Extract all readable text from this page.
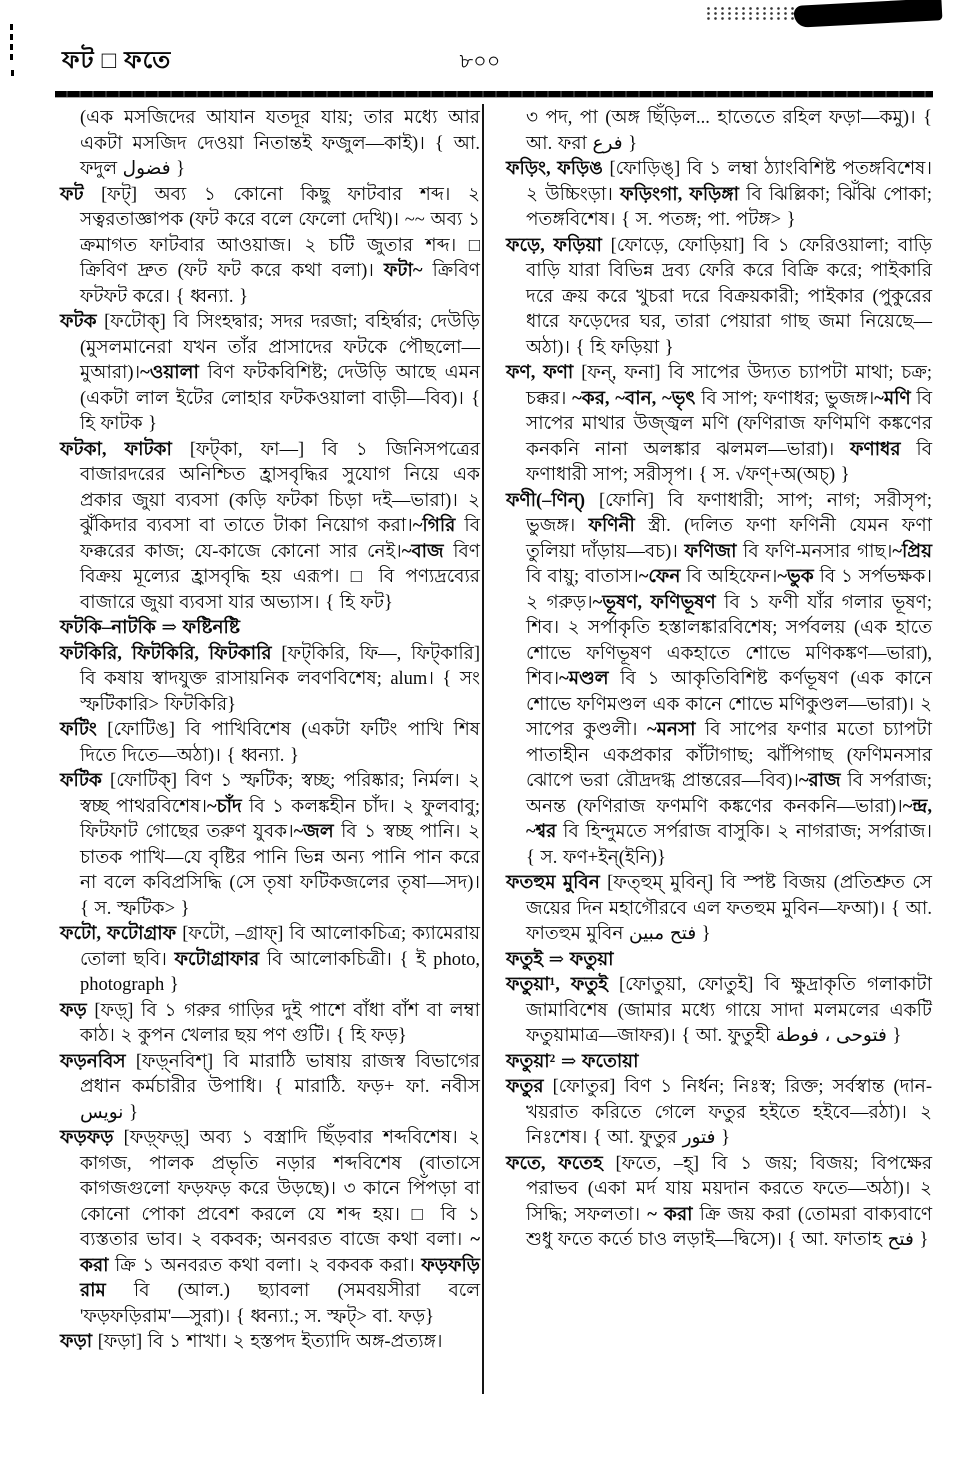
ফট □ ফতে	৮০০

(এক মসজিদের আযান যতদূর যায়; তার মধ্যে আর একটা মসজিদ দেওয়া নিতান্তই ফজুল—কাই)। { আ. ফদুল فضول }

ফট [ফট্] অব্য ১ কোনো কিছু ফাটবার শব্দ। ২ সত্বরতাজ্ঞাপক (ফট করে বলে ফেলো দেখি)। ~~ অব্য ১ ক্রমাগত ফাটবার আওয়াজ। ২ চটি জুতার শব্দ। □ ক্রিবিণ দ্রুত (ফট ফট করে কথা বলা)। ফটা~ ক্রিবিণ ফটফট করে। { ধ্বন্যা. }

ফটক [ফটোক্] বি সিংহদ্বার; সদর দরজা; বহির্দ্বার; দেউড়ি (মুসলমানেরা যখন তাঁর প্রাসাদের ফটকে পৌছলো—মুআরা)।~ওয়ালা বিণ ফটকবিশিষ্ট; দেউড়ি আছে এমন (একটা লাল ইটের লোহার ফটকওয়ালা বাড়ী—বিব)। { হি ফাটক }

ফটকা, ফাটকা [ফট্‌কা, ফা—] বি ১ জিনিসপত্রের বাজারদরের অনিশ্চিত হ্রাসবৃদ্ধির সুযোগ নিয়ে এক প্রকার জুয়া ব্যবসা (কড়ি ফটকা চিড়া দই—ভারা)। ২ ঝুঁকিদার ব্যবসা বা তাতে টাকা নিয়োগ করা।~গিরি বি ফক্করের কাজ; যে-কাজে কোনো সার নেই।~বাজ বিণ বিক্রয় মূল্যের হ্রাসবৃদ্ধি হয় এরূপ। □ বি পণ্যদ্রব্যের বাজারে জুয়া ব্যবসা যার অভ্যাস। { হি ফট}

ফটকি–নাটকি ⇒ ফষ্টিনষ্টি

ফটকিরি, ফিটকিরি, ফিটকারি [ফট্‌কিরি, ফি—, ফিট্‌কারি] বি কষায় স্বাদযুক্ত রাসায়নিক লবণবিশেষ; alum। { সং স্ফটিকারি> ফিটকিরি}

ফটিং [ফোটিঙ] বি পাখিবিশেষ (একটা ফটিং পাখি শিষ দিতে দিতে—অঠা)। { ধ্বন্যা. }

ফটিক [ফোটিক্] বিণ ১ স্ফটিক; স্বচ্ছ; পরিষ্কার; নির্মল। ২ স্বচ্ছ পাথরবিশেষ।~চাঁদ বি ১ কলঙ্কহীন চাঁদ। ২ ফুলবাবু; ফিটফাট গোছের তরুণ যুবক।~জল বি ১ স্বচ্ছ পানি। ২ চাতক পাখি—যে বৃষ্টির পানি ভিন্ন অন্য পানি পান করে না বলে কবিপ্রসিদ্ধি (সে তৃষা ফটিকজলের তৃষা—সদ)। { স. স্ফটিক> }

ফটো, ফটোগ্রাফ [ফটো, –গ্রাফ্] বি আলোকচিত্র; ক্যামেরায় তোলা ছবি। ফটোগ্রাফার বি আলোকচিত্রী। { ই photo, photograph }

ফড় [ফড়্] বি ১ গরুর গাড়ির দুই পাশে বাঁধা বাঁশ বা লম্বা কাঠ। ২ কুপন খেলার ছয় পণ গুটি। { হি ফড়}

ফড়নবিস [ফড়্‌নবিশ্] বি মারাঠি ভাষায় রাজস্ব বিভাগের প্রধান কর্মচারীর উপাধি। { মারাঠি. ফড়+ ফা. নবীস نويس }

ফড়ফড় [ফড়্‌ফড়্] অব্য ১ বস্ত্রাদি ছিঁড়বার শব্দবিশেষ। ২ কাগজ, পালক প্রভৃতি নড়ার শব্দবিশেষ (বাতাসে কাগজগুলো ফড়ফড় করে উড়ছে)। ৩ কানে পিঁপড়া বা কোনো পোকা প্রবেশ করলে যে শব্দ হয়। □ বি ১ ব্যস্ততার ভাব। ২ বকবক; অনবরত বাজে কথা বলা। ~ করা ক্রি ১ অনবরত কথা বলা। ২ বকবক করা। ফড়ফড়ি রাম বি (আল.) ছ্যাবলা (সমবয়সীরা বলে 'ফড়ফড়িরাম'—সুরা)। { ধ্বন্যা.; স. স্ফট্> বা. ফড়}

ফড়া [ফড়া] বি ১ শাখা। ২ হস্তপদ ইত্যাদি অঙ্গ-প্রত্যঙ্গ।

৩ পদ, পা (অঙ্গ ছিঁড়িল... হাতেতে রহিল ফড়া—কমু)। { আ. ফরা فرع }

ফড়িং, ফড়িঙ [ফোড়িঙ্] বি ১ লম্বা ঠ্যাংবিশিষ্ট পতঙ্গবিশেষ। ২ উচ্চিংড়া। ফড়িংগা, ফড়িঙ্গা বি ঝিল্লিকা; ঝিঁঝি পোকা; পতঙ্গবিশেষ। { স. পতঙ্গ; পা. পটঙ্গ> }

ফড়ে, ফড়িয়া [ফোড়ে, ফোড়িয়া] বি ১ ফেরিওয়ালা; বাড়ি বাড়ি যারা বিভিন্ন দ্রব্য ফেরি করে বিক্রি করে; পাইকারি দরে ক্রয় করে খুচরা দরে বিক্রয়কারী; পাইকার (পুকুরের ধারে ফড়েদের ঘর, তারা পেয়ারা গাছ জমা নিয়েছে—অঠা)। { হি ফড়িয়া }

ফণ, ফণা [ফন্, ফনা] বি সাপের উদ্যত চ্যাপটা মাথা; চক্র; চক্কর। ~কর, ~বান, ~ভৃৎ বি সাপ; ফণাধর; ভুজঙ্গ।~মণি বি সাপের মাথার উজ্জ্বল মণি (ফণিরাজ ফণিমণি কঙ্কণের কনকনি নানা অলঙ্কার ঝলমল—ভারা)। ফণাধর বি ফণাধারী সাপ; সরীসৃপ। { স. √ফণ্+অ(অচ্) }

ফণী(–ণিন্) [ফোনি] বি ফণাধারী; সাপ; নাগ; সরীসৃপ; ভুজঙ্গ। ফণিনী স্ত্রী. (দলিত ফণা ফণিনী যেমন ফণা তুলিয়া দাঁড়ায়—বচ)। ফণিজা বি ফণি-মনসার গাছ।~প্রিয় বি বায়ু; বাতাস।~ফেন বি অহিফেন।~ভুক বি ১ সর্পভক্ষক। ২ গরুড়।~ভূষণ, ফণিভূষণ বি ১ ফণী যাঁর গলার ভূষণ; শিব। ২ সর্পাকৃতি হস্তালঙ্কারবিশেষ; সর্পবলয় (এক হাতে শোভে ফণিভূষণ একহাতে শোভে মণিকঙ্কণ—ভারা), শিব।~মণ্ডল বি ১ আকৃতিবিশিষ্ট কর্ণভূষণ (এক কানে শোভে ফণিমণ্ডল এক কানে শোভে মণিকুণ্ডল—ভারা)। ২ সাপের কুণ্ডলী। ~মনসা বি সাপের ফণার মতো চ্যাপটা পাতাহীন একপ্রকার কাঁটাগাছ; ঝাঁপিগাছ (ফণিমনসার ঝোপে ভরা রৌদ্রদগ্ধ প্রান্তরের—বিব)।~রাজ বি সর্পরাজ; অনন্ত (ফণিরাজ ফণমণি কঙ্কণের কনকনি—ভারা)।~ন্দ্র, ~শ্বর বি হিন্দুমতে সর্পরাজ বাসুকি। ২ নাগরাজ; সর্পরাজ। { স. ফণ+ইন্(ইনি)}

ফতহুম মুবিন [ফত্‌হুম্ মুবিন্] বি স্পষ্ট বিজয় (প্রতিশ্রুত সে জয়ের দিন মহাগৌরবে এল ফতহুম মুবিন—ফআ)। { আ. ফাতহুম মুবিন فتح مبين }

ফতুই ⇒ ফতুয়া

ফতুয়া¹, ফতুই [ফোতুয়া, ফোতুই] বি ক্ষুদ্রাকৃতি গলাকাটা জামাবিশেষ (জামার মধ্যে গায়ে সাদা মলমলের একটি ফতুয়ামাত্র—জাফর)। { আ. ফুতুহী فتوحى ، فوطة }

ফতুয়া² ⇒ ফতোয়া

ফতুর [ফোতুর] বিণ ১ নির্ধন; নিঃস্ব; রিক্ত; সর্বস্বান্ত (দান-খয়রাত করিতে গেলে ফতুর হইতে হইবে—রঠা)। ২ নিঃশেষ। { আ. ফুতুর فتور }

ফতে, ফতেহ [ফতে, –হ্] বি ১ জয়; বিজয়; বিপক্ষের পরাভব (একা মর্দ যায় ময়দান করতে ফতে—অঠা)। ২ সিদ্ধি; সফলতা। ~ করা ক্রি জয় করা (তোমরা বাক্যবাণে শুধু ফতে কর্তে চাও লড়াই—দ্বিসে)। { আ. ফাতাহ فتح }
